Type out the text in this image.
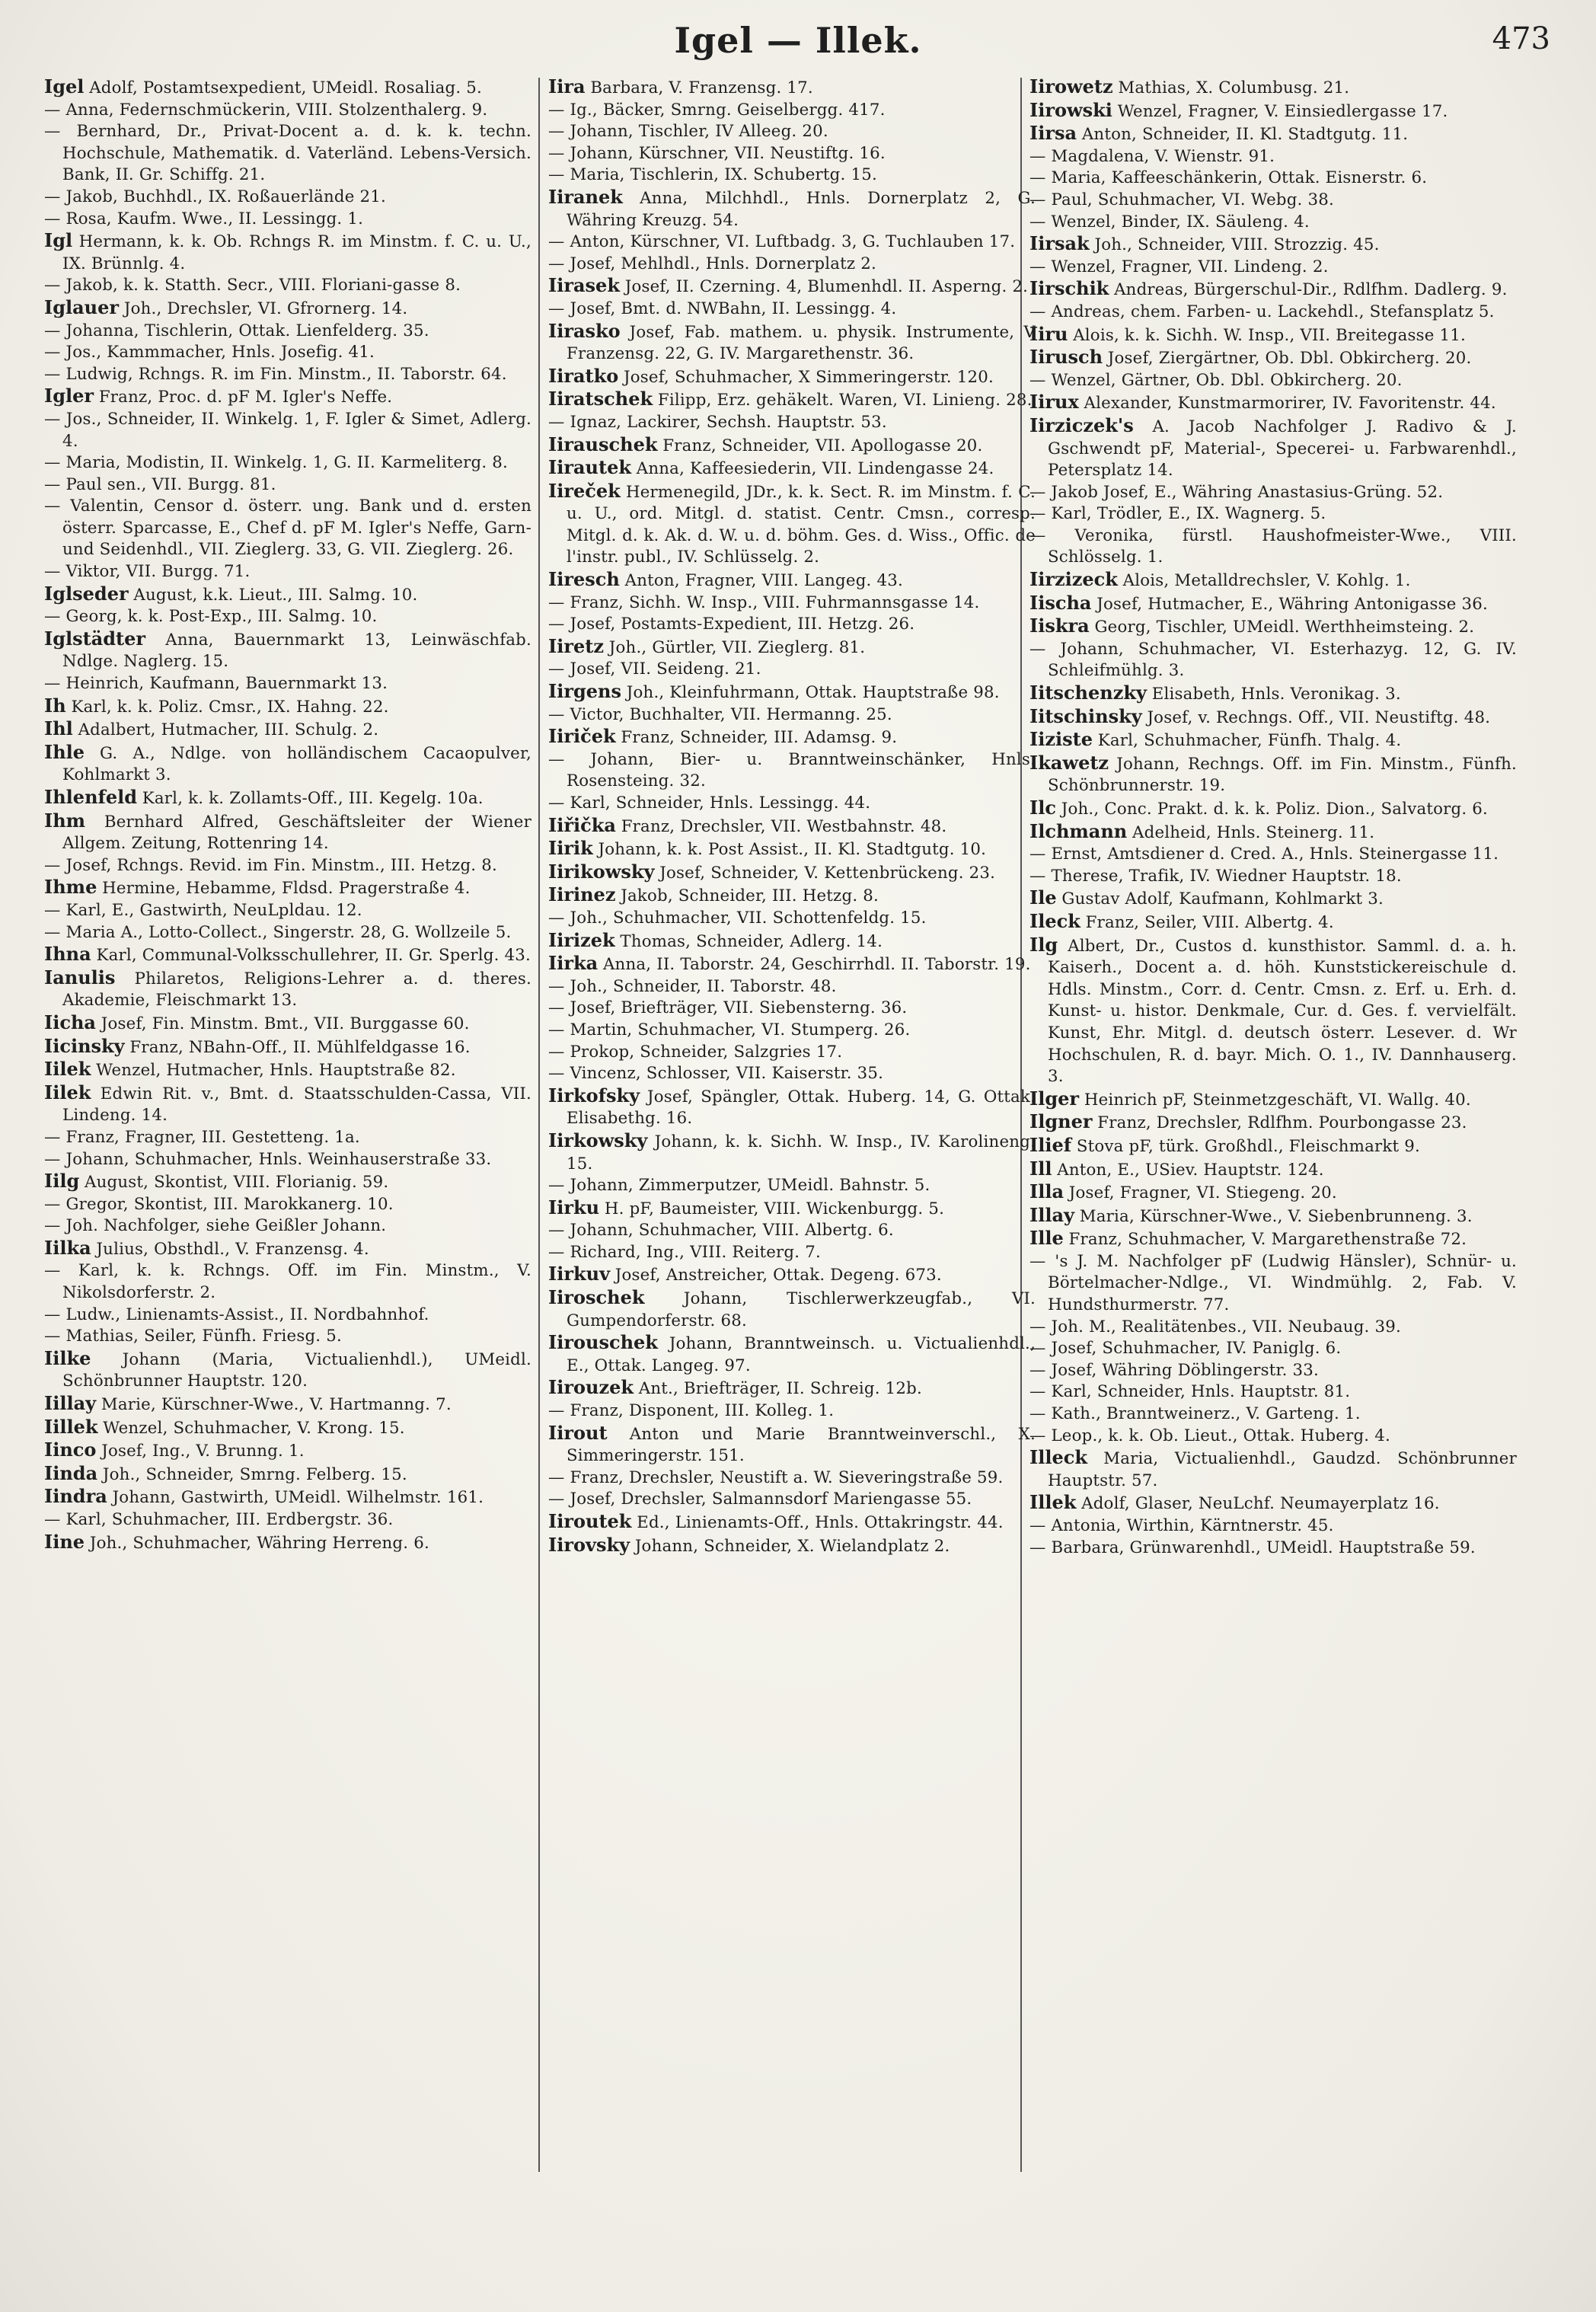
Igel — Illek.	473
Igel Adolf, Postamtsexpedient, UMeidl. Rosaliag. 5.
— Anna, Federnschmückerin, VIII. Stolzenthalerg. 9.
— Bernhard, Dr., Privat-Docent a. d. k. k. techn. Hochschule, Mathematik. d. Vaterländ. Lebens-Versich. Bank, II. Gr. Schiffg. 21.
— Jakob, Buchhdl., IX. Roßauerlände 21.
— Rosa, Kaufm. Wwe., II. Lessingg. 1.
Igl Hermann, k. k. Ob. Rchngs R. im Minstm. f. C. u. U., IX. Brünnlg. 4.
— Jakob, k. k. Statth. Secr., VIII. Floriani-gasse 8.
Iglauer Joh., Drechsler, VI. Gfrornerg. 14.
— Johanna, Tischlerin, Ottak. Lienfelderg. 35.
— Jos., Kammmacher, Hnls. Josefig. 41.
— Ludwig, Rchngs. R. im Fin. Minstm., II. Taborstr. 64.
Igler Franz, Proc. d. pF M. Igler's Neffe.
— Jos., Schneider, II. Winkelg. 1, F. Igler & Simet, Adlerg. 4.
— Maria, Modistin, II. Winkelg. 1, G. II. Karmeliterg. 8.
— Paul sen., VII. Burgg. 81.
— Valentin, Censor d. österr. ung. Bank und d. ersten österr. Sparcasse, E., Chef d. pF M. Igler's Neffe, Garn- und Seidenhdl., VII. Zieglerg. 33, G. VII. Zieglerg. 26.
— Viktor, VII. Burgg. 71.
Iglseder August, k.k. Lieut., III. Salmg. 10.
— Georg, k. k. Post-Exp., III. Salmg. 10.
Iglstädter Anna, Bauernmarkt 13, Leinwäschfab. Ndlge. Naglerg. 15.
— Heinrich, Kaufmann, Bauernmarkt 13.
Ih Karl, k. k. Poliz. Cmsr., IX. Hahng. 22.
Ihl Adalbert, Hutmacher, III. Schulg. 2.
Ihle G. A., Ndlge. von holländischem Cacaopulver, Kohlmarkt 3.
Ihlenfeld Karl, k. k. Zollamts-Off., III. Kegelg. 10a.
Ihm Bernhard Alfred, Geschäftsleiter der Wiener Allgem. Zeitung, Rottenring 14.
— Josef, Rchngs. Revid. im Fin. Minstm., III. Hetzg. 8.
Ihme Hermine, Hebamme, Fldsd. Pragerstraße 4.
— Karl, E., Gastwirth, NeuLpldau. 12.
— Maria A., Lotto-Collect., Singerstr. 28, G. Wollzeile 5.
Ihna Karl, Communal-Volksschullehrer, II. Gr. Sperlg. 43.
Ianulis Philaretos, Religions-Lehrer a. d. theres. Akademie, Fleischmarkt 13.
Iicha Josef, Fin. Minstm. Bmt., VII. Burggasse 60.
Iicinsky Franz, NBahn-Off., II. Mühlfeldgasse 16.
Iilek Wenzel, Hutmacher, Hnls. Hauptstraße 82.
Iilek Edwin Rit. v., Bmt. d. Staatsschulden-Cassa, VII. Lindeng. 14.
— Franz, Fragner, III. Gestetteng. 1a.
— Johann, Schuhmacher, Hnls. Weinhauserstraße 33.
Iilg August, Skontist, VIII. Florianig. 59.
— Gregor, Skontist, III. Marokkanerg. 10.
— Joh. Nachfolger, siehe Geißler Johann.
Iilka Julius, Obsthdl., V. Franzensg. 4.
— Karl, k. k. Rchngs. Off. im Fin. Minstm., V. Nikolsdorferstr. 2.
— Ludw., Linienamts-Assist., II. Nordbahnhof.
— Mathias, Seiler, Fünfh. Friesg. 5.
Iilke Johann (Maria, Victualienhdl.), UMeidl. Schönbrunner Hauptstr. 120.
Iillay Marie, Kürschner-Wwe., V. Hartmanng. 7.
Iillek Wenzel, Schuhmacher, V. Krong. 15.
Iinco Josef, Ing., V. Brunng. 1.
Iinda Joh., Schneider, Smrng. Felberg. 15.
Iindra Johann, Gastwirth, UMeidl. Wilhelmstr. 161.
— Karl, Schuhmacher, III. Erdbergstr. 36.
Iine Joh., Schuhmacher, Währing Herreng. 6.
Iira Barbara, V. Franzensg. 17.
— Ig., Bäcker, Smrng. Geiselbergg. 417.
— Johann, Tischler, IV Alleeg. 20.
— Johann, Kürschner, VII. Neustiftg. 16.
— Maria, Tischlerin, IX. Schubertg. 15.
Iiranek Anna, Milchhdl., Hnls. Dornerplatz 2, G. Währing Kreuzg. 54.
— Anton, Kürschner, VI. Luftbadg. 3, G. Tuchlauben 17.
— Josef, Mehlhdl., Hnls. Dornerplatz 2.
Iirasek Josef, II. Czerning. 4, Blumenhdl. II. Asperng. 2.
— Josef, Bmt. d. NWBahn, II. Lessingg. 4.
Iirasko Josef, Fab. mathem. u. physik. Instrumente, V Franzensg. 22, G. IV. Margarethenstr. 36.
Iiratko Josef, Schuhmacher, X Simmeringerstr. 120.
Iiratschek Filipp, Erz. gehäkelt. Waren, VI. Linieng. 28.
— Ignaz, Lackirer, Sechsh. Hauptstr. 53.
Iirauschek Franz, Schneider, VII. Apollogasse 20.
Iirautek Anna, Kaffeesiederin, VII. Lindengasse 24.
Iireček Hermenegild, JDr., k. k. Sect. R. im Minstm. f. C. u. U., ord. Mitgl. d. statist. Centr. Cmsn., corresp. Mitgl. d. k. Ak. d. W. u. d. böhm. Ges. d. Wiss., Offic. de l'instr. publ., IV. Schlüsselg. 2.
Iiresch Anton, Fragner, VIII. Langeg. 43.
— Franz, Sichh. W. Insp., VIII. Fuhrmannsgasse 14.
— Josef, Postamts-Expedient, III. Hetzg. 26.
Iiretz Joh., Gürtler, VII. Zieglerg. 81.
— Josef, VII. Seideng. 21.
Iirgens Joh., Kleinfuhrmann, Ottak. Hauptstraße 98.
— Victor, Buchhalter, VII. Hermanng. 25.
Iiriček Franz, Schneider, III. Adamsg. 9.
— Johann, Bier- u. Branntweinschänker, Hnls. Rosensteing. 32.
— Karl, Schneider, Hnls. Lessingg. 44.
Iiřička Franz, Drechsler, VII. Westbahnstr. 48.
Iirik Johann, k. k. Post Assist., II. Kl. Stadtgutg. 10.
Iirikowsky Josef, Schneider, V. Kettenbrückeng. 23.
Iirinez Jakob, Schneider, III. Hetzg. 8.
— Joh., Schuhmacher, VII. Schottenfeldg. 15.
Iirizek Thomas, Schneider, Adlerg. 14.
Iirka Anna, II. Taborstr. 24, Geschirrhdl. II. Taborstr. 19.
— Joh., Schneider, II. Taborstr. 48.
— Josef, Briefträger, VII. Siebensterng. 36.
— Martin, Schuhmacher, VI. Stumperg. 26.
— Prokop, Schneider, Salzgries 17.
— Vincenz, Schlosser, VII. Kaiserstr. 35.
Iirkofsky Josef, Spängler, Ottak. Huberg. 14, G. Ottak. Elisabethg. 16.
Iirkowsky Johann, k. k. Sichh. W. Insp., IV. Karolineng. 15.
— Johann, Zimmerputzer, UMeidl. Bahnstr. 5.
Iirku H. pF, Baumeister, VIII. Wickenburgg. 5.
— Johann, Schuhmacher, VIII. Albertg. 6.
— Richard, Ing., VIII. Reiterg. 7.
Iirkuv Josef, Anstreicher, Ottak. Degeng. 673.
Iiroschek Johann, Tischlerwerkzeugfab., VI. Gumpendorferstr. 68.
Iirouschek Johann, Branntweinsch. u. Victualienhdl., E., Ottak. Langeg. 97.
Iirouzek Ant., Briefträger, II. Schreig. 12b.
— Franz, Disponent, III. Kolleg. 1.
Iirout Anton und Marie Branntweinverschl., X. Simmeringerstr. 151.
— Franz, Drechsler, Neustift a. W. Sieveringstraße 59.
— Josef, Drechsler, Salmannsdorf Mariengasse 55.
Iiroutek Ed., Linienamts-Off., Hnls. Ottakringstr. 44.
Iirovsky Johann, Schneider, X. Wielandplatz 2.
Iirowetz Mathias, X. Columbusg. 21.
Iirowski Wenzel, Fragner, V. Einsiedlergasse 17.
Iirsa Anton, Schneider, II. Kl. Stadtgutg. 11.
— Magdalena, V. Wienstr. 91.
— Maria, Kaffeeschänkerin, Ottak. Eisnerstr. 6.
— Paul, Schuhmacher, VI. Webg. 38.
— Wenzel, Binder, IX. Säuleng. 4.
Iirsak Joh., Schneider, VIII. Strozzig. 45.
— Wenzel, Fragner, VII. Lindeng. 2.
Iirschik Andreas, Bürgerschul-Dir., Rdlfhm. Dadlerg. 9.
— Andreas, chem. Farben- u. Lackehdl., Stefansplatz 5.
Iiru Alois, k. k. Sichh. W. Insp., VII. Breitegasse 11.
Iirusch Josef, Ziergärtner, Ob. Dbl. Obkircherg. 20.
— Wenzel, Gärtner, Ob. Dbl. Obkircherg. 20.
Iirux Alexander, Kunstmarmorirer, IV. Favoritenstr. 44.
Iirziczek's A. Jacob Nachfolger J. Radivo & J. Gschwendt pF, Material-, Specerei- u. Farbwarenhdl., Petersplatz 14.
— Jakob Josef, E., Währing Anastasius-Grüng. 52.
— Karl, Trödler, E., IX. Wagnerg. 5.
— Veronika, fürstl. Haushofmeister-Wwe., VIII. Schlösselg. 1.
Iirzizeck Alois, Metalldrechsler, V. Kohlg. 1.
Iischa Josef, Hutmacher, E., Währing Antonigasse 36.
Iiskra Georg, Tischler, UMeidl. Werthheimsteing. 2.
— Johann, Schuhmacher, VI. Esterhazyg. 12, G. IV. Schleifmühlg. 3.
Iitschenzky Elisabeth, Hnls. Veronikag. 3.
Iitschinsky Josef, v. Rechngs. Off., VII. Neustiftg. 48.
Iiziste Karl, Schuhmacher, Fünfh. Thalg. 4.
Ikawetz Johann, Rechngs. Off. im Fin. Minstm., Fünfh. Schönbrunnerstr. 19.
Ilc Joh., Conc. Prakt. d. k. k. Poliz. Dion., Salvatorg. 6.
Ilchmann Adelheid, Hnls. Steinerg. 11.
— Ernst, Amtsdiener d. Cred. A., Hnls. Steinergasse 11.
— Therese, Trafik, IV. Wiedner Hauptstr. 18.
Ile Gustav Adolf, Kaufmann, Kohlmarkt 3.
Ileck Franz, Seiler, VIII. Albertg. 4.
Ilg Albert, Dr., Custos d. kunsthistor. Samml. d. a. h. Kaiserh., Docent a. d. höh. Kunststickereischule d. Hdls. Minstm., Corr. d. Centr. Cmsn. z. Erf. u. Erh. d. Kunst- u. histor. Denkmale, Cur. d. Ges. f. vervielfält. Kunst, Ehr. Mitgl. d. deutsch österr. Lesever. d. Wr Hochschulen, R. d. bayr. Mich. O. 1., IV. Dannhauserg. 3.
Ilger Heinrich pF, Steinmetzgeschäft, VI. Wallg. 40.
Ilgner Franz, Drechsler, Rdlfhm. Pourbongasse 23.
Ilief Stova pF, türk. Großhdl., Fleischmarkt 9.
Ill Anton, E., USiev. Hauptstr. 124.
Illa Josef, Fragner, VI. Stiegeng. 20.
Illay Maria, Kürschner-Wwe., V. Siebenbrunneng. 3.
Ille Franz, Schuhmacher, V. Margarethenstraße 72.
— 's J. M. Nachfolger pF (Ludwig Hänsler), Schnür- u. Börtelmacher-Ndlge., VI. Windmühlg. 2, Fab. V. Hundsthurmerstr. 77.
— Joh. M., Realitätenbes., VII. Neubaug. 39.
— Josef, Schuhmacher, IV. Paniglg. 6.
— Josef, Währing Döblingerstr. 33.
— Karl, Schneider, Hnls. Hauptstr. 81.
— Kath., Branntweinerz., V. Garteng. 1.
— Leop., k. k. Ob. Lieut., Ottak. Huberg. 4.
Illeck Maria, Victualienhdl., Gaudzd. Schönbrunner Hauptstr. 57.
Illek Adolf, Glaser, NeuLchf. Neumayerplatz 16.
— Antonia, Wirthin, Kärntnerstr. 45.
— Barbara, Grünwarenhdl., UMeidl. Hauptstraße 59.
